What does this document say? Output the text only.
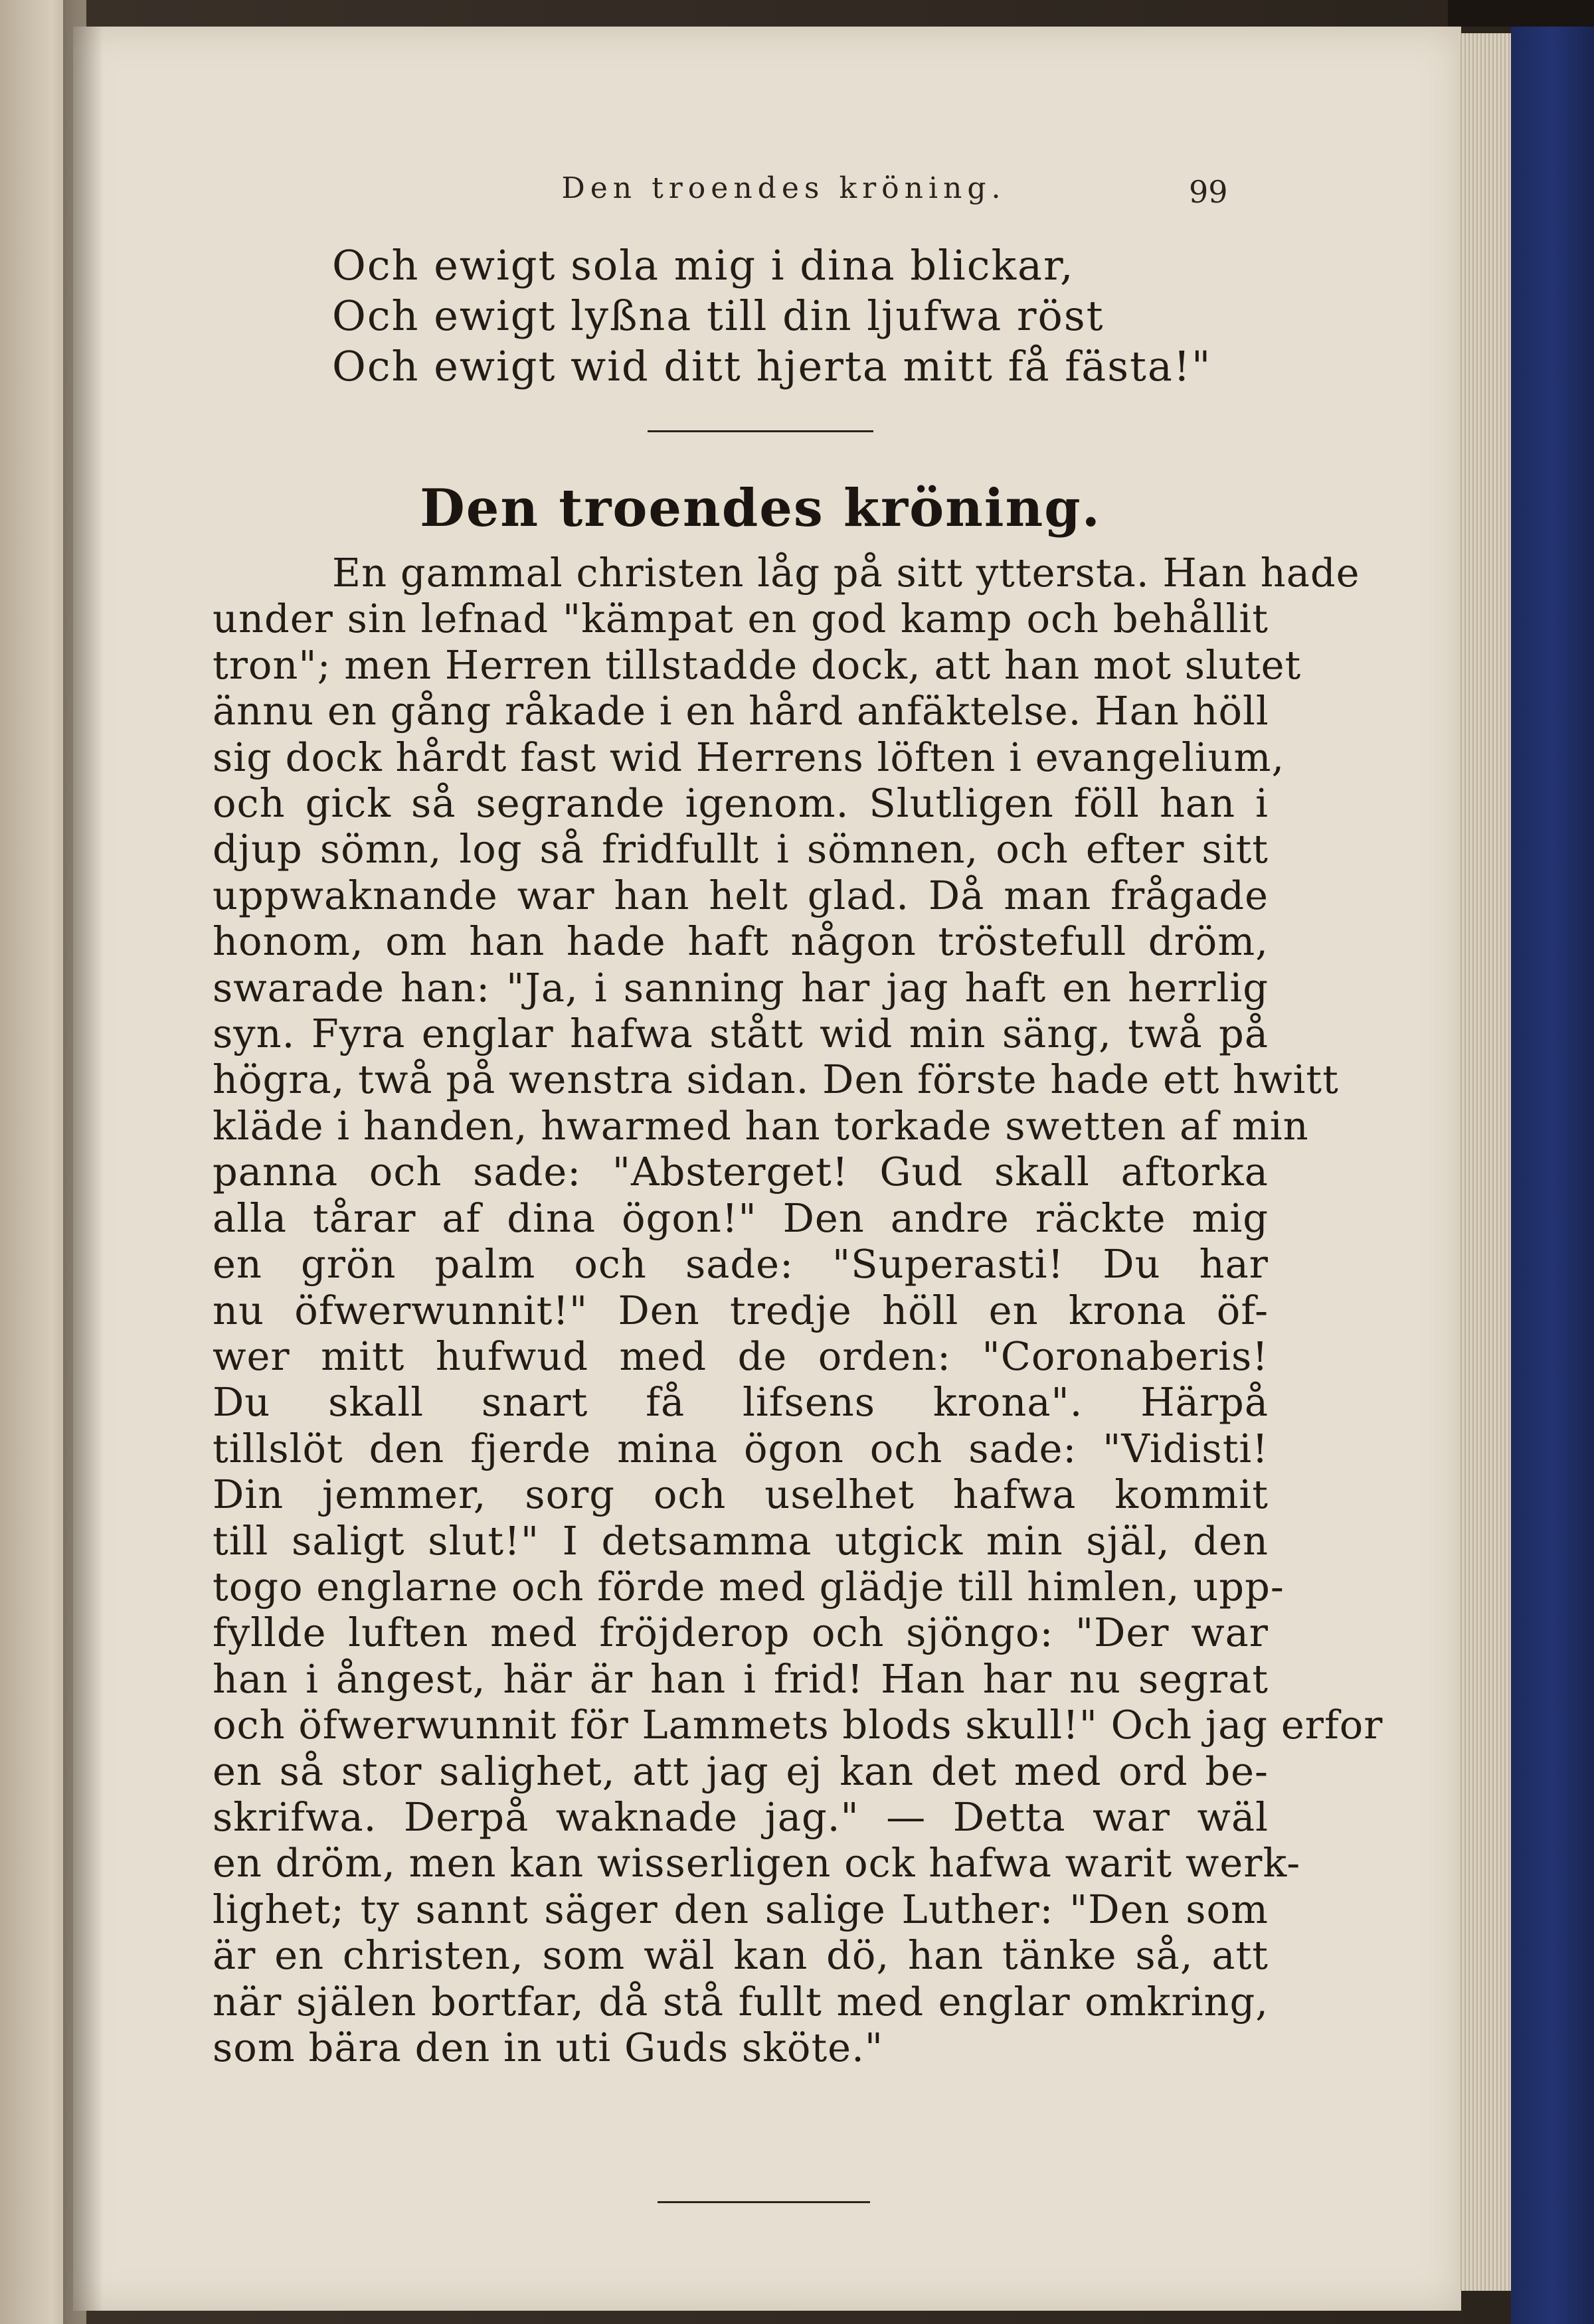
Den troendes kröning.	99
Och ewigt sola mig i dina blickar,
Och ewigt lyßna till din ljufwa röst
Och ewigt wid ditt hjerta mitt få fästa!"
Den troendes kröning.
En gammal christen låg på sitt yttersta. Han hade
under sin lefnad "kämpat en god kamp och behållit
tron"; men Herren tillstadde dock, att han mot slutet
ännu en gång råkade i en hård anfäktelse. Han höll
sig dock hårdt fast wid Herrens löften i evangelium,
och gick så segrande igenom. Slutligen föll han i
djup sömn, log så fridfullt i sömnen, och efter sitt
uppwaknande war han helt glad. Då man frågade
honom, om han hade haft någon tröstefull dröm,
swarade han: "Ja, i sanning har jag haft en herrlig
syn. Fyra englar hafwa stått wid min säng, twå på
högra, twå på wenstra sidan. Den förste hade ett hwitt
kläde i handen, hwarmed han torkade swetten af min
panna och sade: "Absterget! Gud skall aftorka
alla tårar af dina ögon!" Den andre räckte mig
en grön palm och sade: "Superasti! Du har
nu öfwerwunnit!" Den tredje höll en krona öf-
wer mitt hufwud med de orden: "Coronaberis!
Du skall snart få lifsens krona". Härpå
tillslöt den fjerde mina ögon och sade: "Vidisti!
Din jemmer, sorg och uselhet hafwa kommit
till saligt slut!" I detsamma utgick min själ, den
togo englarne och förde med glädje till himlen, upp-
fyllde luften med fröjderop och sjöngo: "Der war
han i ångest, här är han i frid! Han har nu segrat
och öfwerwunnit för Lammets blods skull!" Och jag erfor
en så stor salighet, att jag ej kan det med ord be-
skrifwa. Derpå waknade jag." — Detta war wäl
en dröm, men kan wisserligen ock hafwa warit werk-
lighet; ty sannt säger den salige Luther: "Den som
är en christen, som wäl kan dö, han tänke så, att
när själen bortfar, då stå fullt med englar omkring,
som bära den in uti Guds sköte."
